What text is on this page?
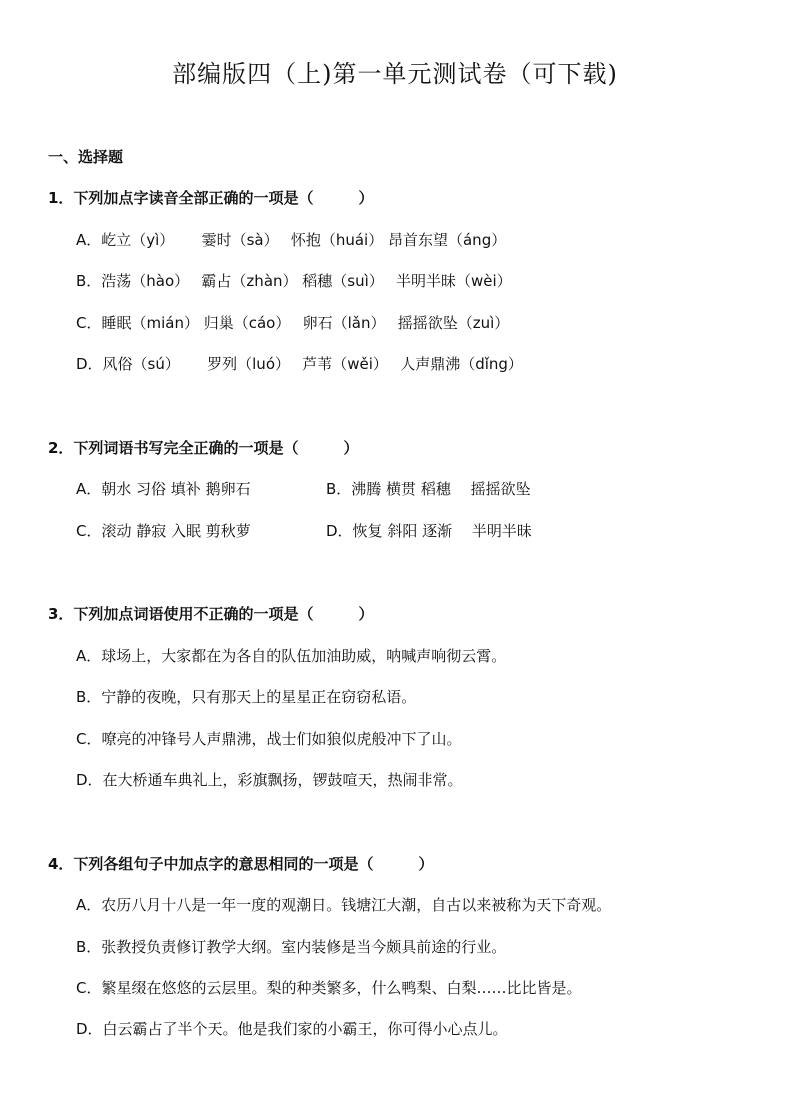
部编版四（上)第一单元测试卷（可下载)
一、选择题
1．下列加点字读音全部正确的一项是（　　　）
A．屹立（yì）　　 霎时（sà）　 怀抱（huái） 昂首东望（áng）
B．浩荡（hào）　 霸占（zhàn） 稻穗（suì）　 半明半昧（wèi）
C．睡眠（mián） 归巢（cáo）　 卵石（lǎn）　 摇摇欲坠（zuì）
D．风俗（sú）　　 罗列（luó）　 芦苇（wěi）　 人声鼎沸（dǐng）
2．下列词语书写完全正确的一项是（　　　）
A．朝水 习俗 填补 鹅卵石	B．沸腾 横贯 稻穗　 摇摇欲坠
C．滚动 静寂 入眠 剪秋萝	D．恢复 斜阳 逐渐　 半明半昧
3．下列加点词语使用不正确的一项是（　　　）
A．球场上，大家都在为各自的队伍加油助威，呐喊声响彻云霄。
B．宁静的夜晚，只有那天上的星星正在窃窃私语。
C．嘹亮的冲锋号人声鼎沸，战士们如狼似虎般冲下了山。
D．在大桥通车典礼上，彩旗飘扬，锣鼓喧天，热闹非常。
4．下列各组句子中加点字的意思相同的一项是（　　　）
A．农历八月十八是一年一度的观潮日。钱塘江大潮，自古以来被称为天下奇观。
B．张教授负责修订教学大纲。室内装修是当今颇具前途的行业。
C．繁星缀在悠悠的云层里。梨的种类繁多，什么鸭梨、白梨……比比皆是。
D．白云霸占了半个天。他是我们家的小霸王，你可得小心点儿。
